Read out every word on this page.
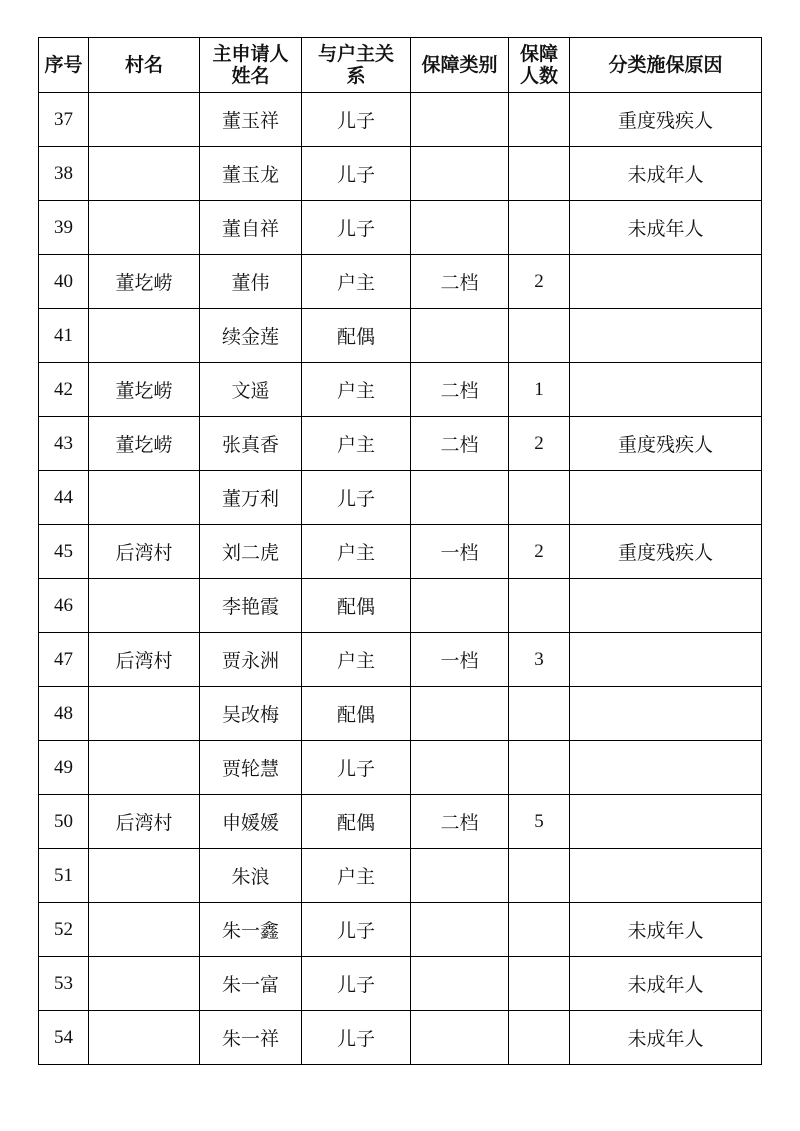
序号	村名	主申请人姓名	与户主关系	保障类别	保障人数	分类施保原因
37		董玉祥	儿子			重度残疾人
38		董玉龙	儿子			未成年人
39		董自祥	儿子			未成年人
40	董圪崂	董伟	户主	二档	2	
41		续金莲	配偶			
42	董圪崂	文遥	户主	二档	1	
43	董圪崂	张真香	户主	二档	2	重度残疾人
44		董万利	儿子			
45	后湾村	刘二虎	户主	一档	2	重度残疾人
46		李艳霞	配偶			
47	后湾村	贾永洲	户主	一档	3	
48		吴改梅	配偶			
49		贾轮慧	儿子			
50	后湾村	申媛媛	配偶	二档	5	
51		朱浪	户主			
52		朱一鑫	儿子			未成年人
53		朱一富	儿子			未成年人
54		朱一祥	儿子			未成年人
